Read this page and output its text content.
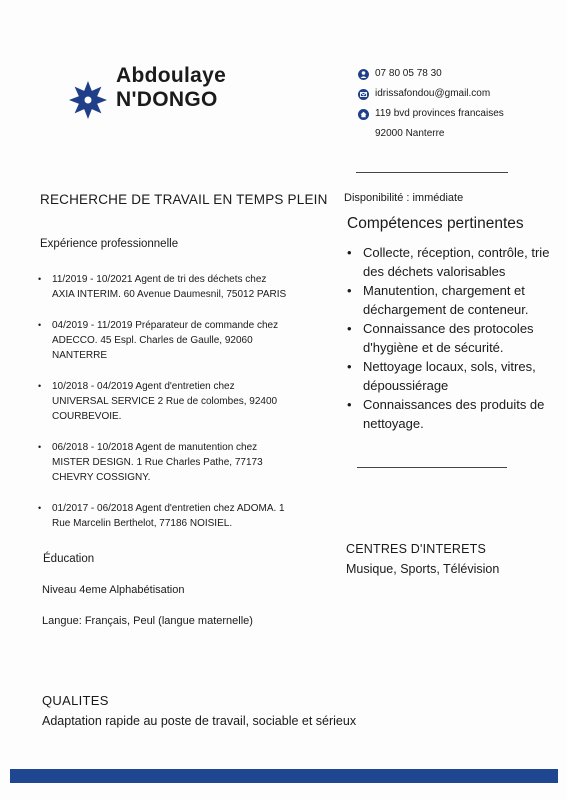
Abdoulaye
N'DONGO
07 80 05 78 30
idrissafondou@gmail.com
119 bvd provinces francaises
92000 Nanterre
RECHERCHE DE TRAVAIL EN TEMPS PLEIN Disponibilité : immédiate
Expérience professionnelle
• 11/2019 - 10/2021 Agent de tri des déchets chez
AXIA INTERIM. 60 Avenue Daumesnil, 75012 PARIS
• 04/2019 - 11/2019 Préparateur de commande chez
ADECCO. 45 Espl. Charles de Gaulle, 92060
NANTERRE
• 10/2018 - 04/2019 Agent d'entretien chez
UNIVERSAL SERVICE 2 Rue de colombes, 92400
COURBEVOIE.
• 06/2018 - 10/2018 Agent de manutention chez
MISTER DESIGN. 1 Rue Charles Pathe, 77173
CHEVRY COSSIGNY.
• 01/2017 - 06/2018 Agent d'entretien chez ADOMA. 1
Rue Marcelin Berthelot, 77186 NOISIEL.
Compétences pertinentes
• Collecte, réception, contrôle, trie des déchets valorisables
• Manutention, chargement et déchargement de conteneur.
• Connaissance des protocoles d'hygiène et de sécurité.
• Nettoyage locaux, sols, vitres, dépoussiérage
• Connaissances des produits de nettoyage.
Éducation
Niveau 4eme Alphabétisation
Langue: Français, Peul (langue maternelle)
CENTRES D'INTERETS
Musique, Sports, Télévision
QUALITES
Adaptation rapide au poste de travail, sociable et sérieux
